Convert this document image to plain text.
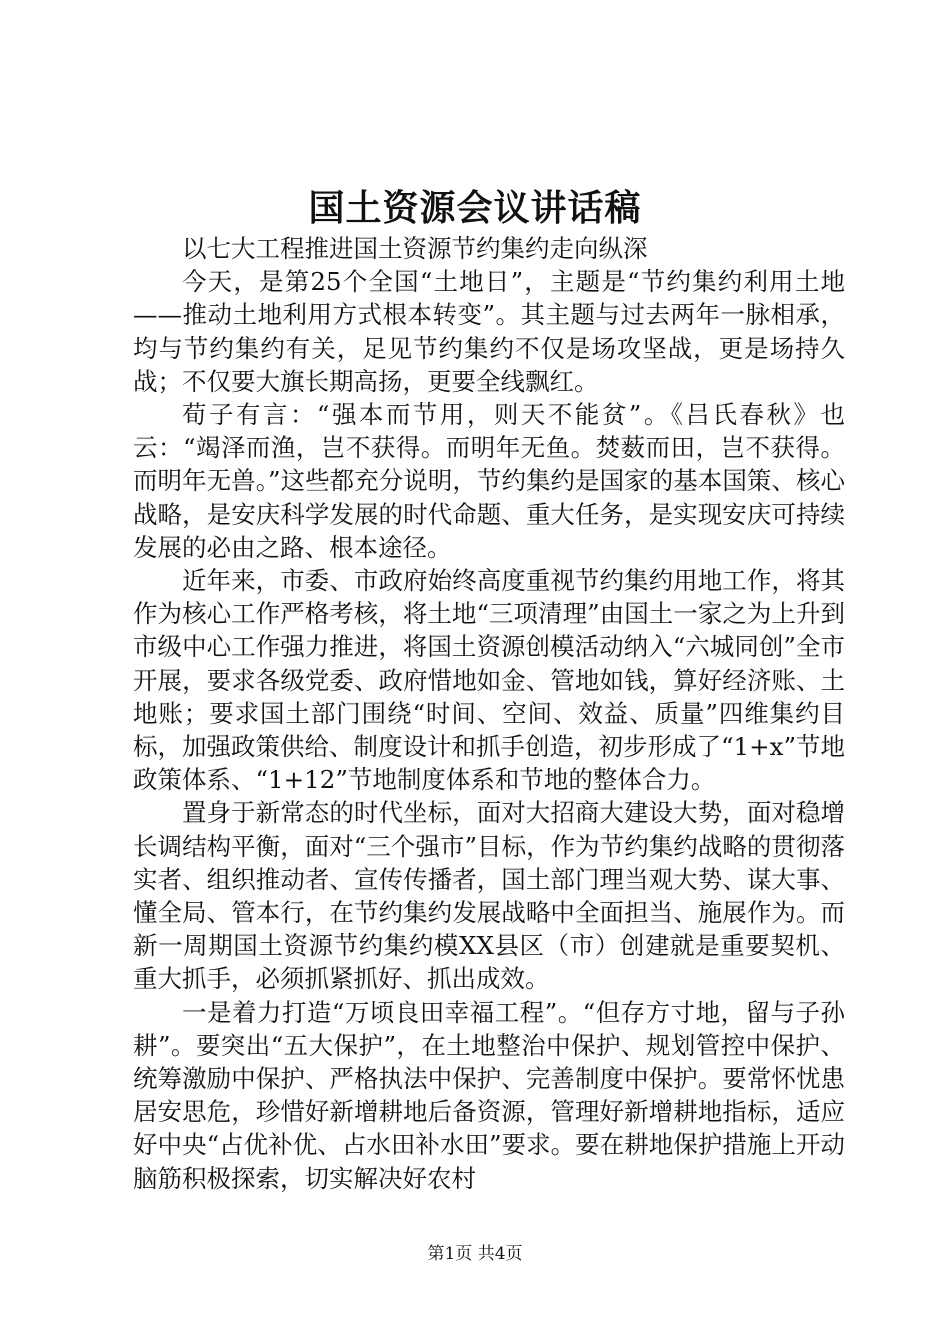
国土资源会议讲话稿

以七大工程推进国土资源节约集约走向纵深

今天，是第25个全国“土地日”，主题是“节约集约利用土地——推动土地利用方式根本转变”。其主题与过去两年一脉相承，均与节约集约有关，足见节约集约不仅是场攻坚战，更是场持久战；不仅要大旗长期高扬，更要全线飘红。

荀子有言：“强本而节用，则天不能贫”。《吕氏春秋》也云：“竭泽而渔，岂不获得。而明年无鱼。焚薮而田，岂不获得。而明年无兽。”这些都充分说明，节约集约是国家的基本国策、核心战略，是安庆科学发展的时代命题、重大任务，是实现安庆可持续发展的必由之路、根本途径。

近年来，市委、市政府始终高度重视节约集约用地工作，将其作为核心工作严格考核，将土地“三项清理”由国土一家之为上升到市级中心工作强力推进，将国土资源创模活动纳入“六城同创”全市开展，要求各级党委、政府惜地如金、管地如钱，算好经济账、土地账；要求国土部门围绕“时间、空间、效益、质量”四维集约目标，加强政策供给、制度设计和抓手创造，初步形成了“1+x”节地政策体系、“1+12”节地制度体系和节地的整体合力。

置身于新常态的时代坐标，面对大招商大建设大势，面对稳增长调结构平衡，面对“三个强市”目标，作为节约集约战略的贯彻落实者、组织推动者、宣传传播者，国土部门理当观大势、谋大事、懂全局、管本行，在节约集约发展战略中全面担当、施展作为。而新一周期国土资源节约集约模XX县区（市）创建就是重要契机、重大抓手，必须抓紧抓好、抓出成效。

一是着力打造“万顷良田幸福工程”。“但存方寸地，留与子孙耕”。要突出“五大保护”，在土地整治中保护、规划管控中保护、统筹激励中保护、严格执法中保护、完善制度中保护。要常怀忧患居安思危，珍惜好新增耕地后备资源，管理好新增耕地指标，适应好中央“占优补优、占水田补水田”要求。要在耕地保护措施上开动脑筋积极探索，切实解决好农村

第1页 共4页
